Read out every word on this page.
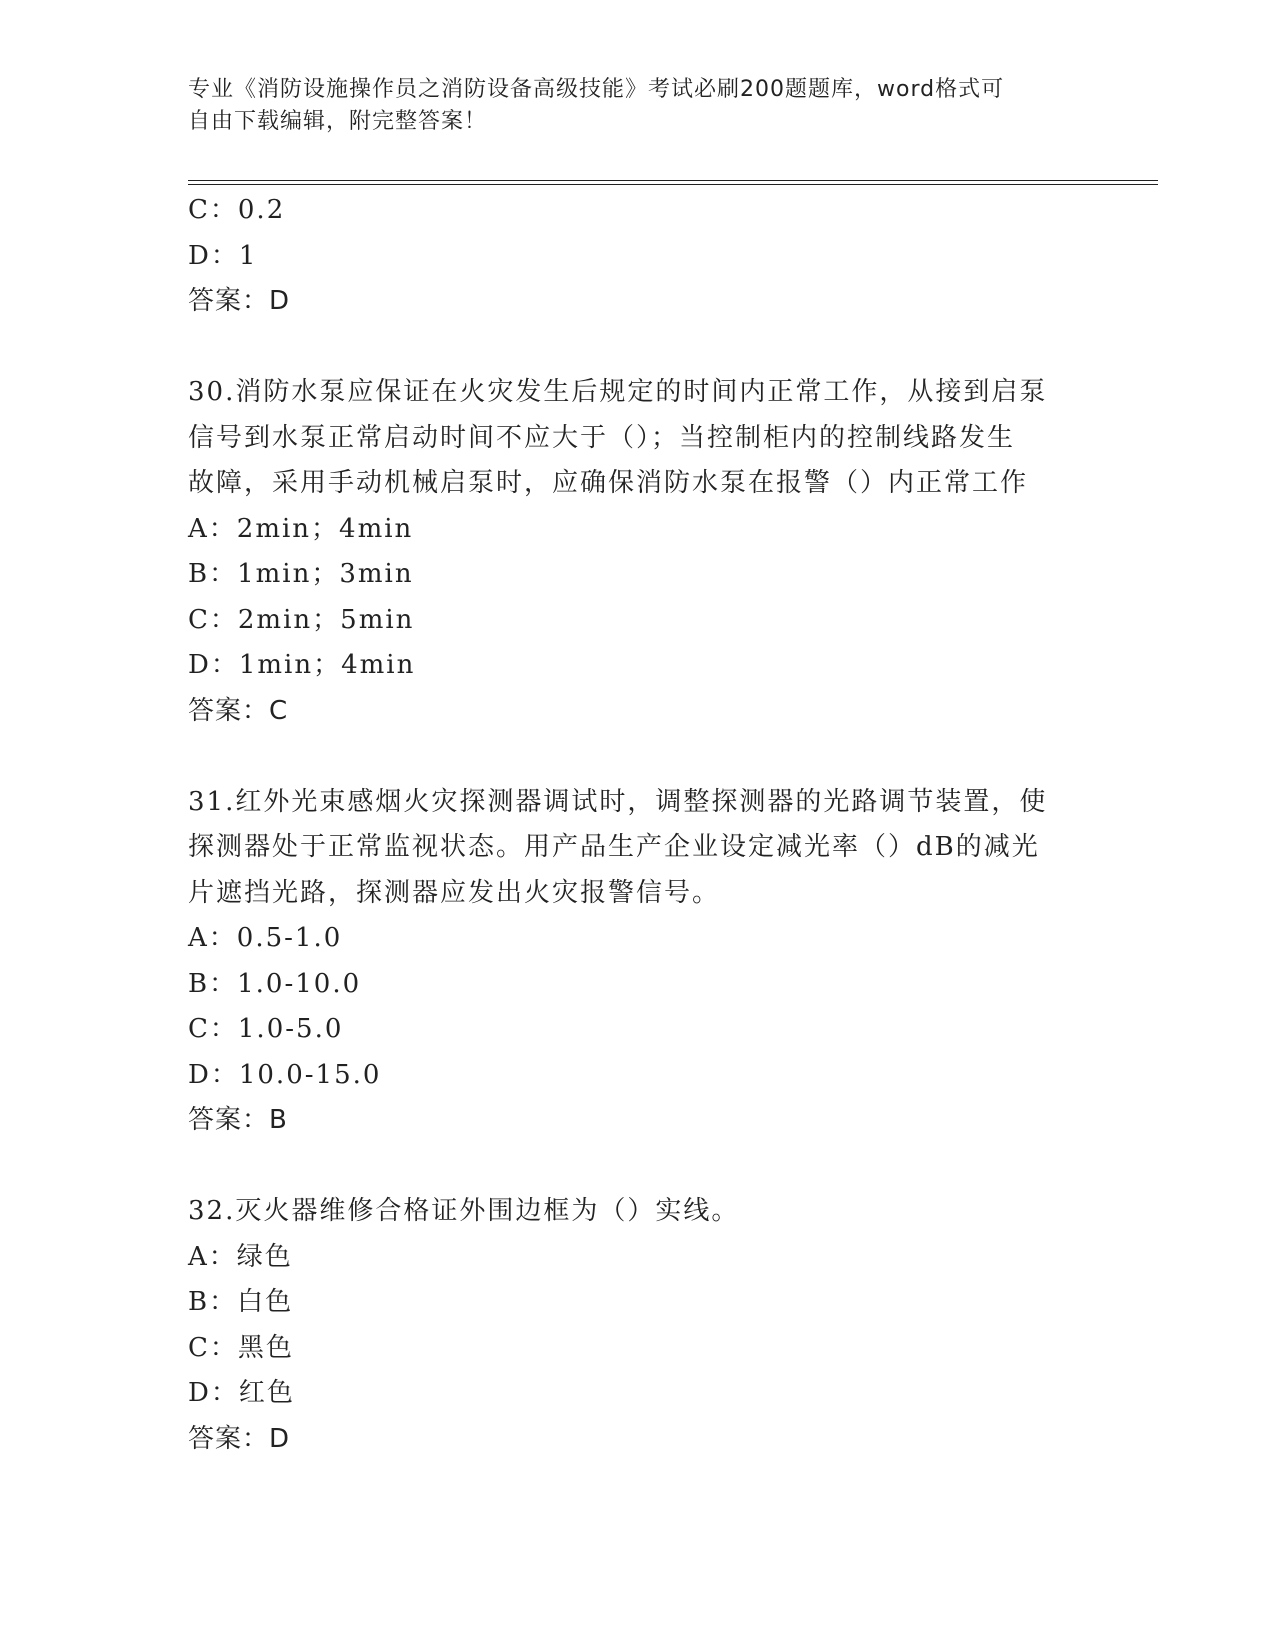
专业《消防设施操作员之消防设备高级技能》考试必刷200题题库，word格式可
自由下载编辑，附完整答案！
C：0.2
D：1
答案：D
30.消防水泵应保证在火灾发生后规定的时间内正常工作，从接到启泵
信号到水泵正常启动时间不应大于（）；当控制柜内的控制线路发生
故障，采用手动机械启泵时，应确保消防水泵在报警（）内正常工作
A：2min；4min
B：1min；3min
C：2min；5min
D：1min；4min
答案：C
31.红外光束感烟火灾探测器调试时，调整探测器的光路调节装置，使
探测器处于正常监视状态。用产品生产企业设定减光率（）dB的减光
片遮挡光路，探测器应发出火灾报警信号。
A：0.5-1.0
B：1.0-10.0
C：1.0-5.0
D：10.0-15.0
答案：B
32.灭火器维修合格证外围边框为（）实线。
A：绿色
B：白色
C：黑色
D：红色
答案：D
